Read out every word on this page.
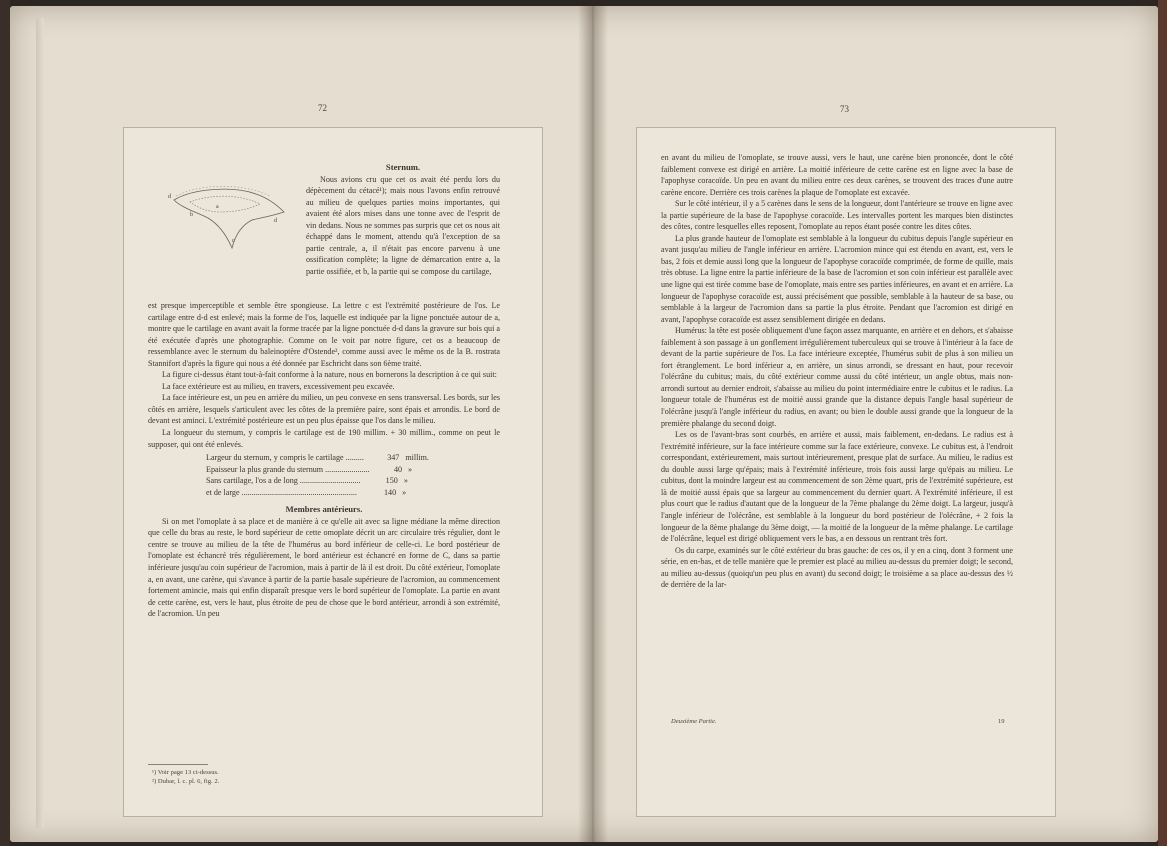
72
a
b
c
d
d

Sternum.

Nous avions cru que cet os avait été perdu lors du dépècement du cétacé¹); mais nous l'avons enfin retrouvé au milieu de quelques parties moins importantes, qui avaient été alors mises dans une tonne avec de l'esprit de vin dedans. Nous ne sommes pas surpris que cet os nous ait échappé dans le moment, attendu qu'à l'exception de sa partie centrale, a, il n'était pas encore parvenu à une ossification complète; la ligne de démarcation entre a, la partie ossifiée, et b, la partie qui se compose du cartilage,

est presque imperceptible et semble être spongieuse. La lettre c est l'extrémité postérieure de l'os. Le cartilage entre d-d est enlevé; mais la forme de l'os, laquelle est indiquée par la ligne ponctuée autour de a, montre que le cartilage en avant avait la forme tracée par la ligne ponctuée d-d dans la gravure sur bois qui a été exécutée d'après une photographie. Comme on le voit par notre figure, cet os a beaucoup de ressemblance avec le sternum du baleinoptère d'Ostende², comme aussi avec le même os de la B. rostrata Stannifort d'après la figure qui nous a été donnée par Eschricht dans son 6ème traité.

La figure ci-dessus étant tout-à-fait conforme à la nature, nous en bornerons la description à ce qui suit:

La face extérieure est au milieu, en travers, excessivement peu excavée.

La face intérieure est, un peu en arrière du milieu, un peu convexe en sens transversal. Les bords, sur les côtés en arrière, lesquels s'articulent avec les côtes de la première paire, sont épais et arrondis. Le bord de devant est aminci. L'extrémité postérieure est un peu plus épaisse que l'os dans le milieu.

La longueur du sternum, y compris le cartilage est de 190 millim. + 30 millim., comme on peut le supposer, qui ont été enlevés.

Largeur du sternum, y compris le cartilage .........	347 millim.
Epaisseur la plus grande du sternum ......................	40 »
Sans cartilage, l'os a de long ..............................	150 »
et de large .........................................................	140 »

Membres antérieurs.

Si on met l'omoplate à sa place et de manière à ce qu'elle ait avec sa ligne médiane la même direction que celle du bras au reste, le bord supérieur de cette omoplate décrit un arc circulaire très régulier, dont le centre se trouve au milieu de la tête de l'humérus au bord inférieur de celle-ci. Le bord postérieur de l'omoplate est échancré très régulièrement, le bord antérieur est échancré en forme de C, dans sa partie inférieure jusqu'au coin supérieur de l'acromion, mais à partir de là il est droit. Du côté extérieur, l'omoplate a, en avant, une carène, qui s'avance à partir de la partie basale supérieure de l'acromion, au commencement fortement amincie, mais qui enfin disparaît presque vers le bord supérieur de l'omoplate. La partie en avant de cette carène, est, vers le haut, plus étroite de peu de chose que le bord antérieur, arrondi à son extrémité, de l'acromion. Un peu

¹) Voir page 13 ci-dessus.
²) Dubar, l. c. pl. 6, fig. 2.
73

en avant du milieu de l'omoplate, se trouve aussi, vers le haut, une carène bien prononcée, dont le côté faiblement convexe est dirigé en arrière. La moitié inférieure de cette carène est en ligne avec la base de l'apophyse coracoïde. Un peu en avant du milieu entre ces deux carènes, se trouvent des traces d'une autre carène encore. Derrière ces trois carènes la plaque de l'omoplate est excavée.

Sur le côté intérieur, il y a 5 carènes dans le sens de la longueur, dont l'antérieure se trouve en ligne avec la partie supérieure de la base de l'apophyse coracoïde. Les intervalles portent les marques bien distinctes des côtes, contre lesquelles elles reposent, l'omoplate au repos étant posée contre les dites côtes.

La plus grande hauteur de l'omoplate est semblable à la longueur du cubitus depuis l'angle supérieur en avant jusqu'au milieu de l'angle inférieur en arrière. L'acromion mince qui est étendu en avant, est, vers le bas, 2 fois et demie aussi long que la longueur de l'apophyse coracoïde comprimée, de forme de quille, mais très obtuse. La ligne entre la partie inférieure de la base de l'acromion et son coin inférieur est parallèle avec une ligne qui est tirée comme base de l'omoplate, mais entre ses parties inférieures, en avant et en arrière. La longueur de l'apophyse coracoïde est, aussi précisément que possible, semblable à la hauteur de sa base, ou semblable à la largeur de l'acromion dans sa partie la plus étroite. Pendant que l'acromion est dirigé en avant, l'apophyse coracoïde est assez sensiblement dirigée en dedans.

Humérus: la tête est posée obliquement d'une façon assez marquante, en arrière et en dehors, et s'abaisse faiblement à son passage à un gonflement irrégulièrement tuberculeux qui se trouve à l'intérieur à la face de devant de la partie supérieure de l'os. La face intérieure exceptée, l'humérus subit de plus à son milieu un fort étranglement. Le bord inférieur a, en arrière, un sinus arrondi, se dressant en haut, pour recevoir l'olécrâne du cubitus; mais, du côté extérieur comme aussi du côté intérieur, un angle obtus, mais non-arrondi surtout au dernier endroit, s'abaisse au milieu du point intermédiaire entre le cubitus et le radius. La longueur totale de l'humérus est de moitié aussi grande que la distance depuis l'angle basal supérieur de l'olécrâne jusqu'à l'angle inférieur du radius, en avant; ou bien le double aussi grande que la longueur de la première phalange du second doigt.

Les os de l'avant-bras sont courbés, en arrière et aussi, mais faiblement, en-dedans. Le radius est à l'extrémité inférieure, sur la face intérieure comme sur la face extérieure, convexe. Le cubitus est, à l'endroit correspondant, extérieurement, mais surtout intérieurement, presque plat de surface. Au milieu, le radius est du double aussi large qu'épais; mais à l'extrémité inférieure, trois fois aussi large qu'épais au milieu. Le cubitus, dont la moindre largeur est au commencement de son 2ème quart, pris de l'extrémité supérieure, est là de moitié aussi épais que sa largeur au commencement du dernier quart. A l'extrémité inférieure, il est plus court que le radius d'autant que de la longueur de la 7ème phalange du 2ème doigt. La largeur, jusqu'à l'angle inférieur de l'olécrâne, est semblable à la longueur du bord postérieur de l'olécrâne, + 2 fois la longueur de la 8ème phalange du 3ème doigt, — la moitié de la longueur de la même phalange. Le cartilage de l'olécrâne, lequel est dirigé obliquement vers le bas, a en dessous un rentrant très fort.

Os du carpe, examinés sur le côté extérieur du bras gauche: de ces os, il y en a cinq, dont 3 forment une série, en en-bas, et de telle manière que le premier est placé au milieu au-dessus du premier doigt; le second, au milieu au-dessus (quoiqu'un peu plus en avant) du second doigt; le troisième a sa place au-dessus des ½ de derrière de la lar-

Deuxième Partie.	19
